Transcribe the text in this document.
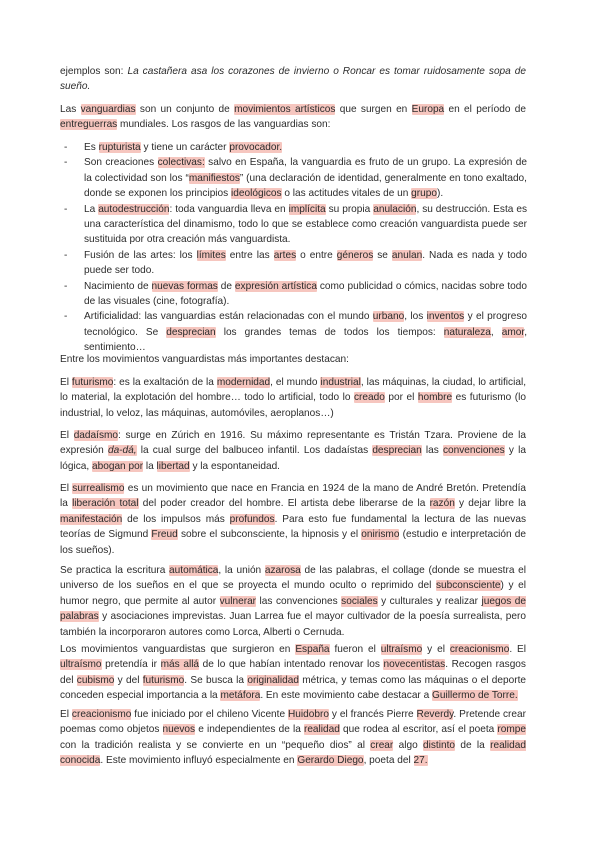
ejemplos son: La castañera asa los corazones de invierno o Roncar es tomar ruidosamente sopa de sueño.

Las vanguardias son un conjunto de movimientos artísticos que surgen en Europa en el período de entreguerras mundiales. Los rasgos de las vanguardias son:

- Es rupturista y tiene un carácter provocador.
- Son creaciones colectivas: salvo en España, la vanguardia es fruto de un grupo. La expresión de la colectividad son los “manifiestos” (una declaración de identidad, generalmente en tono exaltado, donde se exponen los principios ideológicos o las actitudes vitales de un grupo).
- La autodestrucción: toda vanguardia lleva en implícita su propia anulación, su destrucción. Esta es una característica del dinamismo, todo lo que se establece como creación vanguardista puede ser sustituida por otra creación más vanguardista.
- Fusión de las artes: los límites entre las artes o entre géneros se anulan. Nada es nada y todo puede ser todo.
- Nacimiento de nuevas formas de expresión artística como publicidad o cómics, nacidas sobre todo de las visuales (cine, fotografía).
- Artificialidad: las vanguardias están relacionadas con el mundo urbano, los inventos y el progreso tecnológico. Se desprecian los grandes temas de todos los tiempos: naturaleza, amor, sentimiento…

Entre los movimientos vanguardistas más importantes destacan:

El futurismo: es la exaltación de la modernidad, el mundo industrial, las máquinas, la ciudad, lo artificial, lo material, la explotación del hombre… todo lo artificial, todo lo creado por el hombre es futurismo (lo industrial, lo veloz, las máquinas, automóviles, aeroplanos…)

El dadaísmo: surge en Zúrich en 1916. Su máximo representante es Tristán Tzara. Proviene de la expresión da-dá, la cual surge del balbuceo infantil. Los dadaístas desprecian las convenciones y la lógica, abogan por la libertad y la espontaneidad.

El surrealismo es un movimiento que nace en Francia en 1924 de la mano de André Bretón. Pretendía la liberación total del poder creador del hombre. El artista debe liberarse de la razón y dejar libre la manifestación de los impulsos más profundos. Para esto fue fundamental la lectura de las nuevas teorías de Sigmund Freud sobre el subconsciente, la hipnosis y el onirismo (estudio e interpretación de los sueños).

Se practica la escritura automática, la unión azarosa de las palabras, el collage (donde se muestra el universo de los sueños en el que se proyecta el mundo oculto o reprimido del subconsciente) y el humor negro, que permite al autor vulnerar las convenciones sociales y culturales y realizar juegos de palabras y asociaciones imprevistas. Juan Larrea fue el mayor cultivador de la poesía surrealista, pero también la incorporaron autores como Lorca, Alberti o Cernuda.

Los movimientos vanguardistas que surgieron en España fueron el ultraísmo y el creacionismo. El ultraísmo pretendía ir más allá de lo que habían intentado renovar los novecentistas. Recogen rasgos del cubismo y del futurismo. Se busca la originalidad métrica, y temas como las máquinas o el deporte conceden especial importancia a la metáfora. En este movimiento cabe destacar a Guillermo de Torre.

El creacionismo fue iniciado por el chileno Vicente Huidobro y el francés Pierre Reverdy. Pretende crear poemas como objetos nuevos e independientes de la realidad que rodea al escritor, así el poeta rompe con la tradición realista y se convierte en un “pequeño dios” al crear algo distinto de la realidad conocida. Este movimiento influyó especialmente en Gerardo Diego, poeta del 27.
